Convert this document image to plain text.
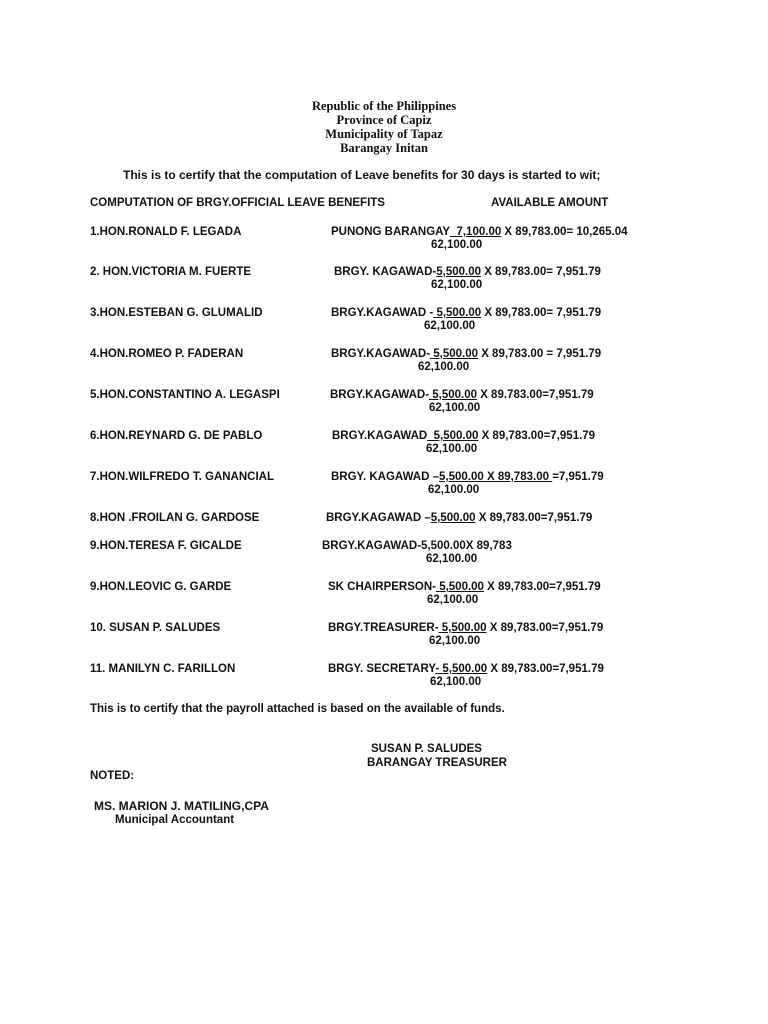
Republic of the Philippines
Province of Capiz
Municipality of Tapaz
Barangay Initan
This is to certify that the computation of Leave benefits for 30 days is started to wit;
COMPUTATION OF BRGY.OFFICIAL LEAVE BENEFITS	AVAILABLE AMOUNT
1.HON.RONALD F. LEGADA	PUNONG BARANGAY_7,100.00 X 89,783.00= 10,265.04
62,100.00
2. HON.VICTORIA M. FUERTE	BRGY. KAGAWAD-5,500.00 X 89,783.00= 7,951.79
62,100.00
3.HON.ESTEBAN G. GLUMALID	BRGY.KAGAWAD - 5,500.00 X 89,783.00= 7,951.79
62,100.00
4.HON.ROMEO P. FADERAN	BRGY.KAGAWAD- 5,500.00 X 89,783.00 = 7,951.79
62,100.00
5.HON.CONSTANTINO A. LEGASPI	BRGY.KAGAWAD- 5,500.00 X 89.783.00=7,951.79
62,100.00
6.HON.REYNARD G. DE PABLO	BRGY.KAGAWAD_5,500.00 X 89,783.00=7,951.79
62,100.00
7.HON.WILFREDO T. GANANCIAL	BRGY. KAGAWAD –5,500.00 X 89,783.00 =7,951.79
62,100.00
8.HON .FROILAN G. GARDOSE	BRGY.KAGAWAD –5,500.00 X 89,783.00=7,951.79
9.HON.TERESA F. GICALDE	BRGY.KAGAWAD-5,500.00X 89,783
62,100.00
9.HON.LEOVIC G. GARDE	SK CHAIRPERSON- 5,500.00 X 89,783.00=7,951.79
62,100.00
10. SUSAN P. SALUDES	BRGY.TREASURER- 5,500.00 X 89,783.00=7,951.79
62,100.00
11. MANILYN C. FARILLON	BRGY. SECRETARY- 5,500.00 X 89,783.00=7,951.79
62,100.00
This is to certify that the payroll attached is based on the available of funds.
SUSAN P. SALUDES
BARANGAY TREASURER
NOTED:
MS. MARION J. MATILING,CPA
Municipal Accountant
